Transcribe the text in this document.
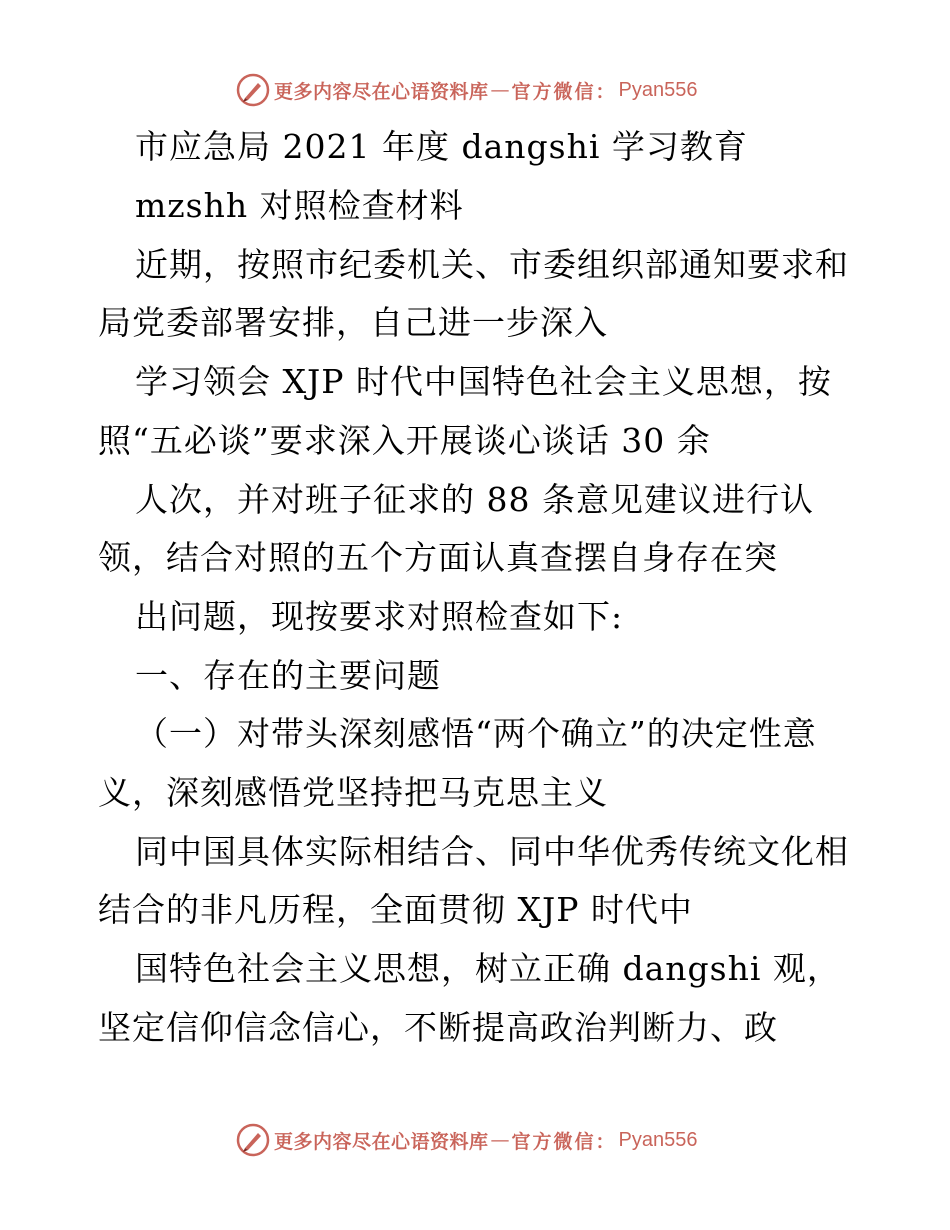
更多内容尽在心语资料库 — 官方微信： Pyan556
市应急局 2021 年度 dangshi 学习教育
mzshh 对照检查材料
近期，按照市纪委机关、市委组织部通知要求和
局党委部署安排，自己进一步深入
学习领会 XJP 时代中国特色社会主义思想，按
照“五必谈”要求深入开展谈心谈话 30 余
人次，并对班子征求的 88 条意见建议进行认
领，结合对照的五个方面认真查摆自身存在突
出问题，现按要求对照检查如下:
一、存在的主要问题
（一）对带头深刻感悟“两个确立”的决定性意
义，深刻感悟党坚持把马克思主义
同中国具体实际相结合、同中华优秀传统文化相
结合的非凡历程，全面贯彻 XJP 时代中
国特色社会主义思想，树立正确 dangshi 观，
坚定信仰信念信心，不断提高政治判断力、政
更多内容尽在心语资料库 — 官方微信： Pyan556
